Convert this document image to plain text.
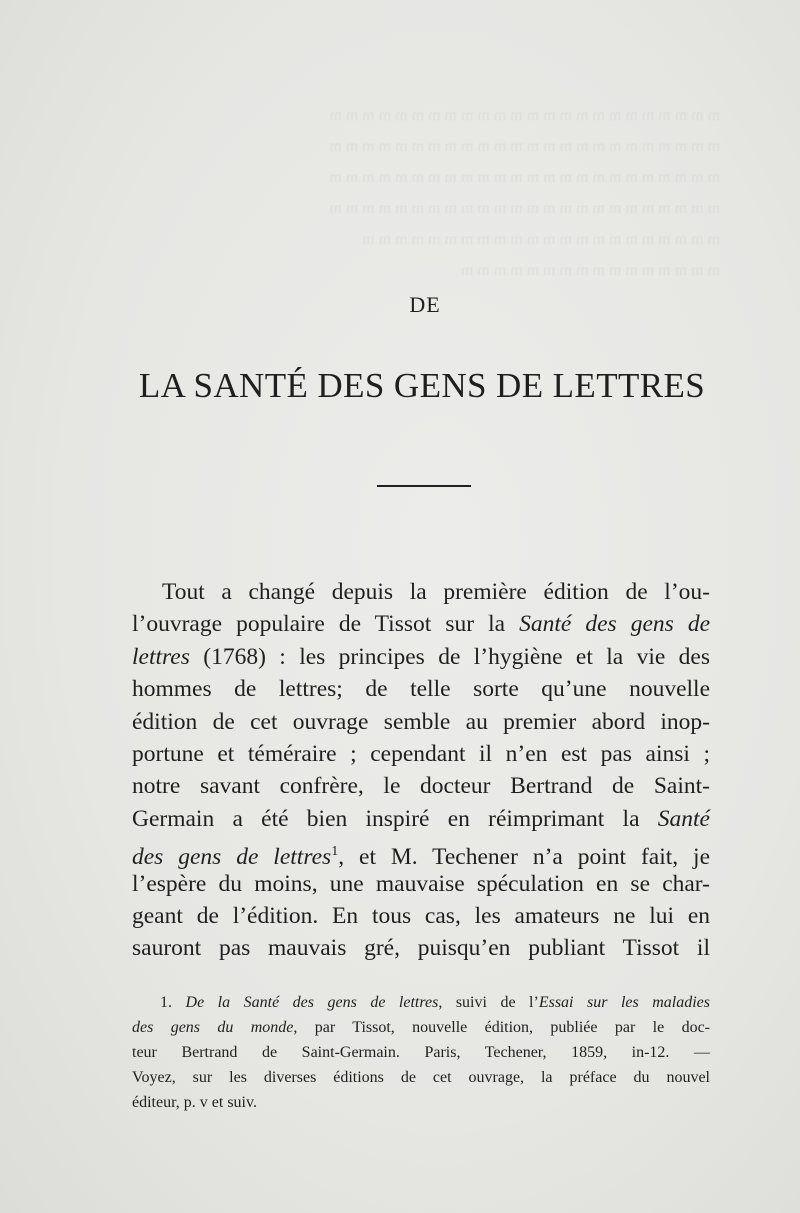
m m m m m m m m m m m m m m m m m m m m m m m m
m m m m m m m m m m m m m m m m m m m m m m m m
m m m m m m m m m m m m m m m m m m m m m m m m
m m m m m m m m m m m m m m m m m m m m m m m m
m m m m m m m m m m m m m m m m m m m m m m
m m m m m m m m m m m m m m m m
DE
LA SANTÉ DES GENS DE LETTRES
Tout a changé depuis la première édition de l’ou-
l’ouvrage populaire de Tissot sur la Santé des gens de
lettres (1768) : les principes de l’hygiène et la vie des
hommes de lettres; de telle sorte qu’une nouvelle
édition de cet ouvrage semble au premier abord inop-
portune et téméraire ; cependant il n’en est pas ainsi ;
notre savant confrère, le docteur Bertrand de Saint-
Germain a été bien inspiré en réimprimant la Santé
des gens de lettres$^1$, et M. Techener n’a point fait, je
l’espère du moins, une mauvaise spéculation en se char-
geant de l’édition. En tous cas, les amateurs ne lui en
sauront pas mauvais gré, puisqu’en publiant Tissot il
1. De la Santé des gens de lettres, suivi de l’Essai sur les maladies
des gens du monde, par Tissot, nouvelle édition, publiée par le doc-
teur Bertrand de Saint-Germain. Paris, Techener, 1859, in-12. —
Voyez, sur les diverses éditions de cet ouvrage, la préface du nouvel
éditeur, p. v et suiv.
